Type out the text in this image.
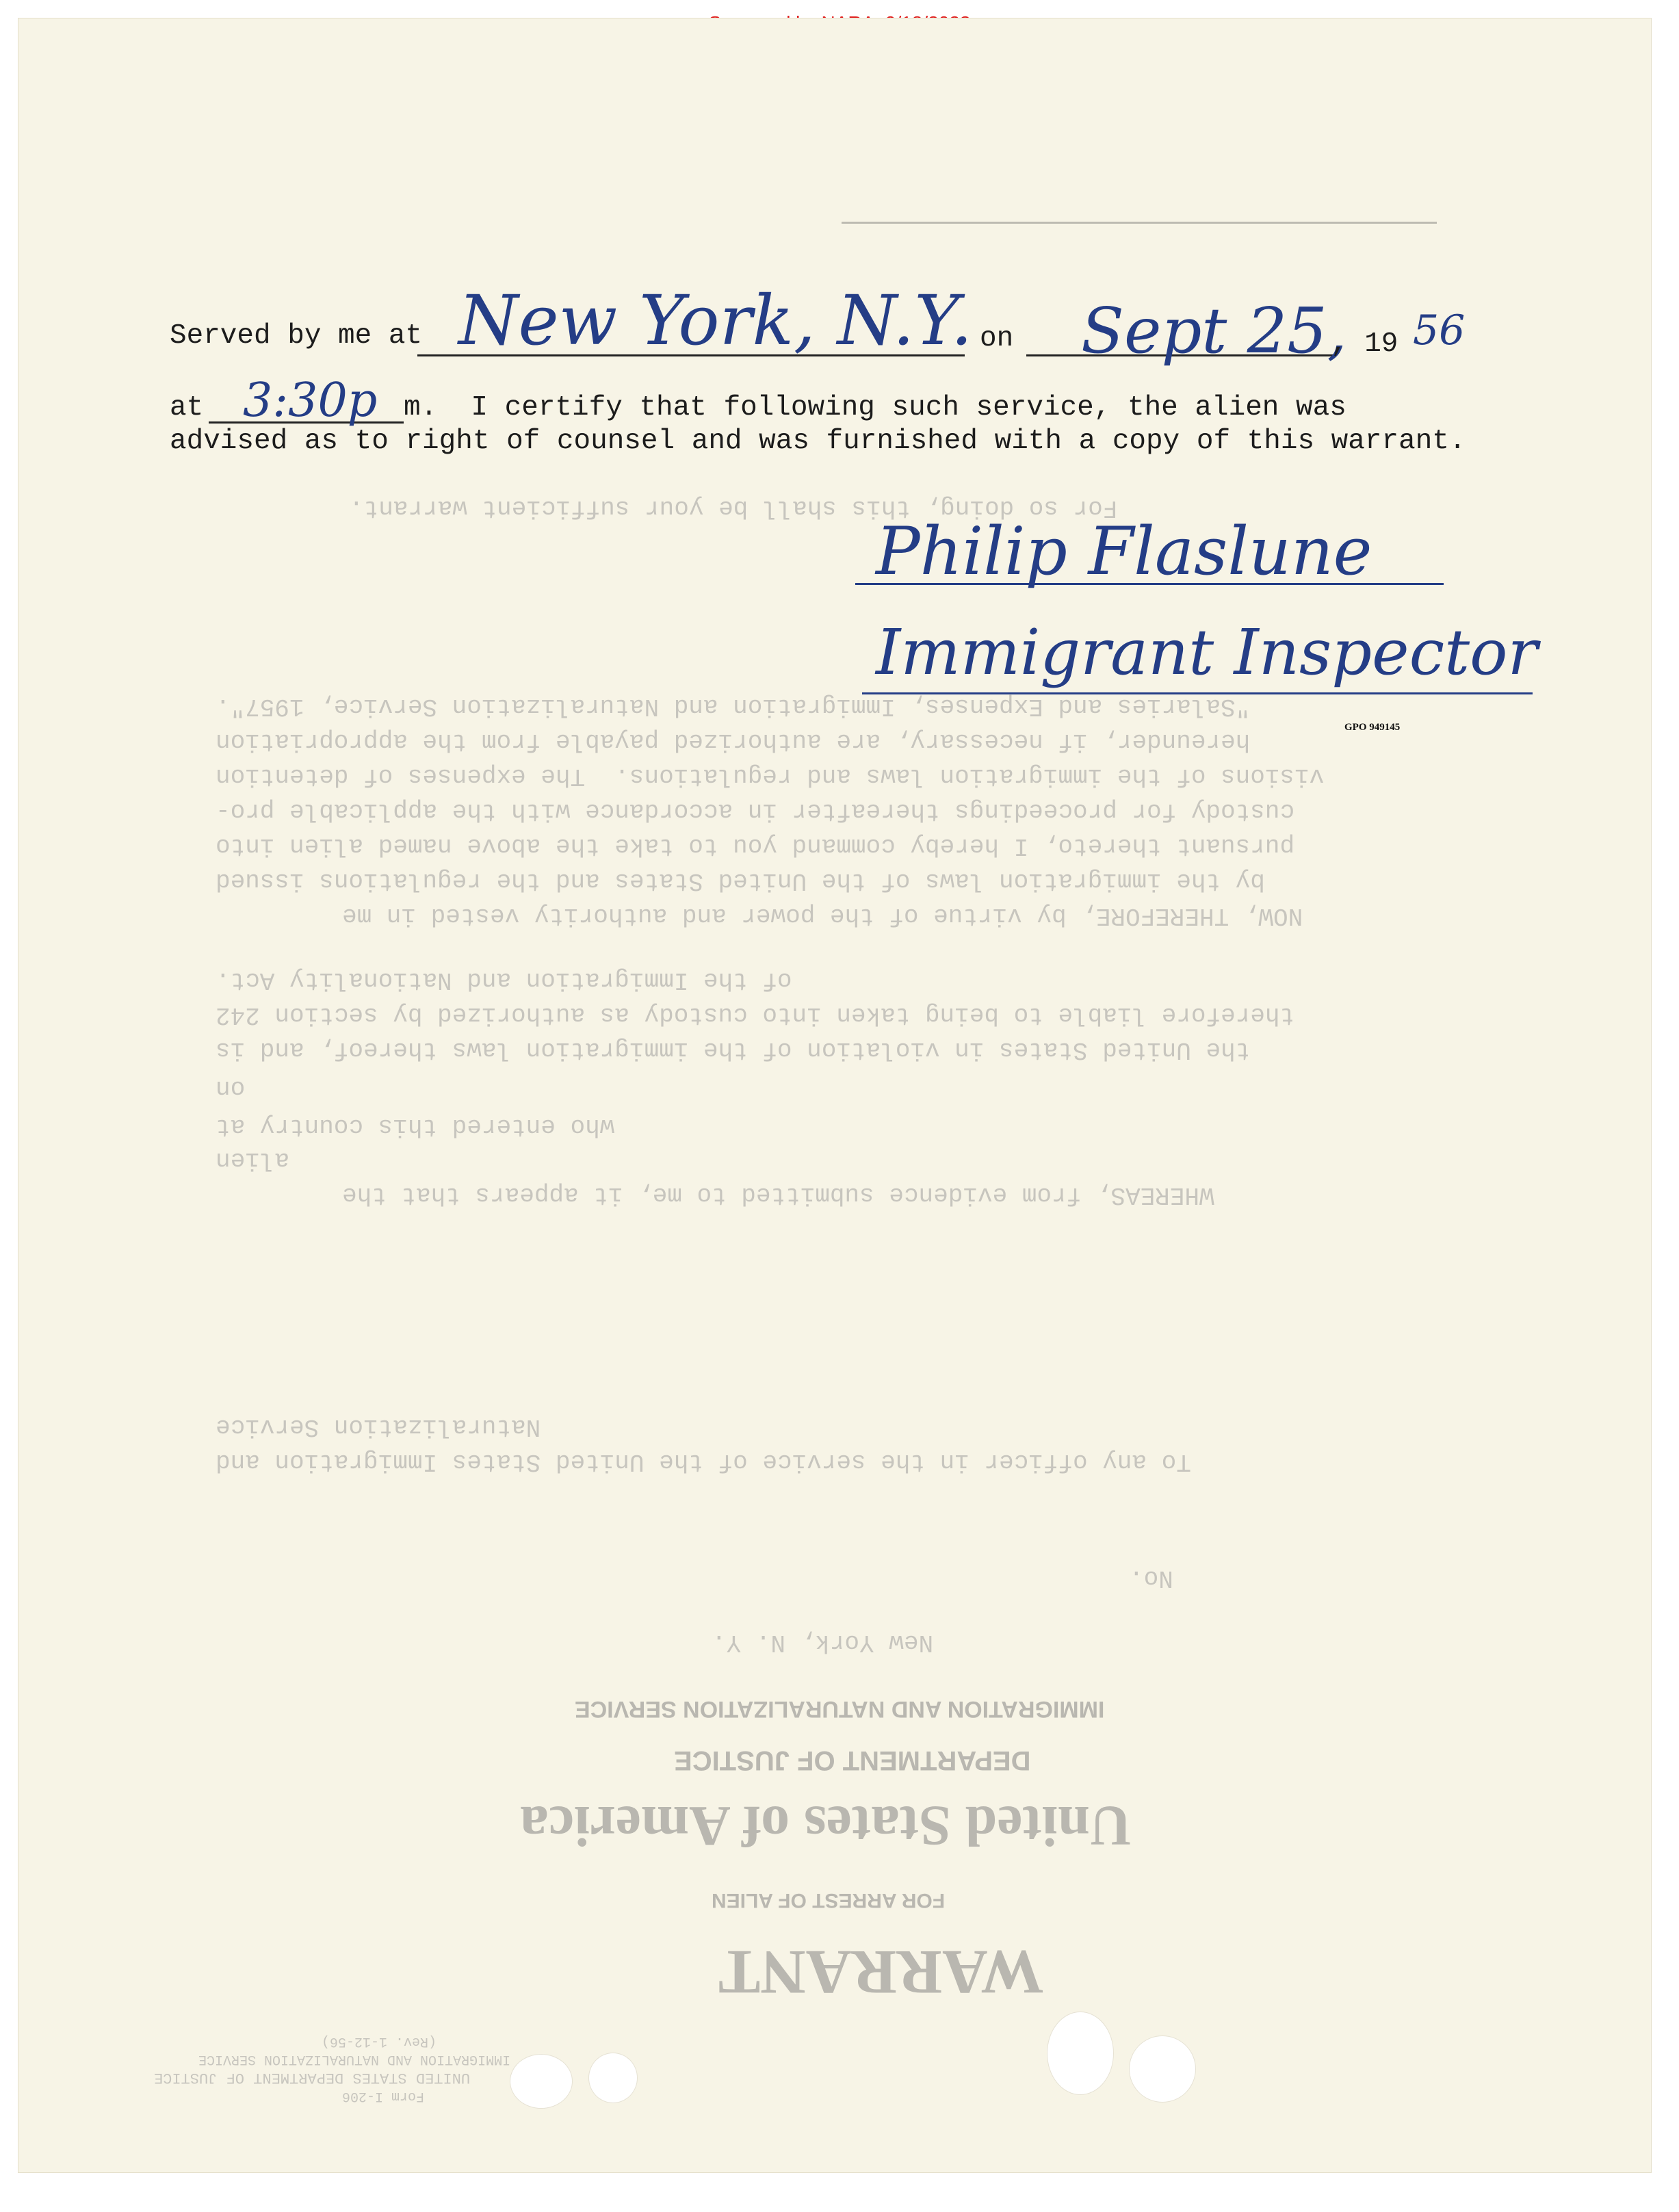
For so doing, this shall be your sufficient warrant.
"Salaries and Expenses, Immigration and Naturalization Service, 1957".
hereunder, if necessary, are authorized payable from the appropriation
visions of the immigration laws and regulations.  The expenses of detention
custody for proceedings thereafter in accordance with the applicable pro-
pursuant thereto, I hereby command you to take the above named alien into
by the immigration laws of the United States and the regulations issued
NOW, THEREFORE, by virtue of the power and authority vested in me
of the Immigration and Nationality Act.
therefore liable to being taken into custody as authorized by section 242
the United States in violation of the immigration laws thereof, and is
on
who entered this country at
alien
WHEREAS, from evidence submitted to me, it appears that the
Naturalization Service
To any officer in the service of the United States Immigration and
No.
New York, N. Y.
IMMIGRATION AND NATURALIZATION SERVICE
DEPARTMENT OF JUSTICE
United States of America
FOR ARREST OF ALIEN
WARRANT
(Rev. 1-12-56)
IMMIGRATION AND NATURALIZATION SERVICE
UNITED STATES DEPARTMENT OF JUSTICE
Form I-206
Served by me at New York, N.Y. on Sept 25,
, 19 56
at 3:30p m.  I certify that following such service, the alien was
advised as to right of counsel and was furnished with a copy of this warrant.
Philip Flaslune
Immigrant Inspector
GPO 949145
